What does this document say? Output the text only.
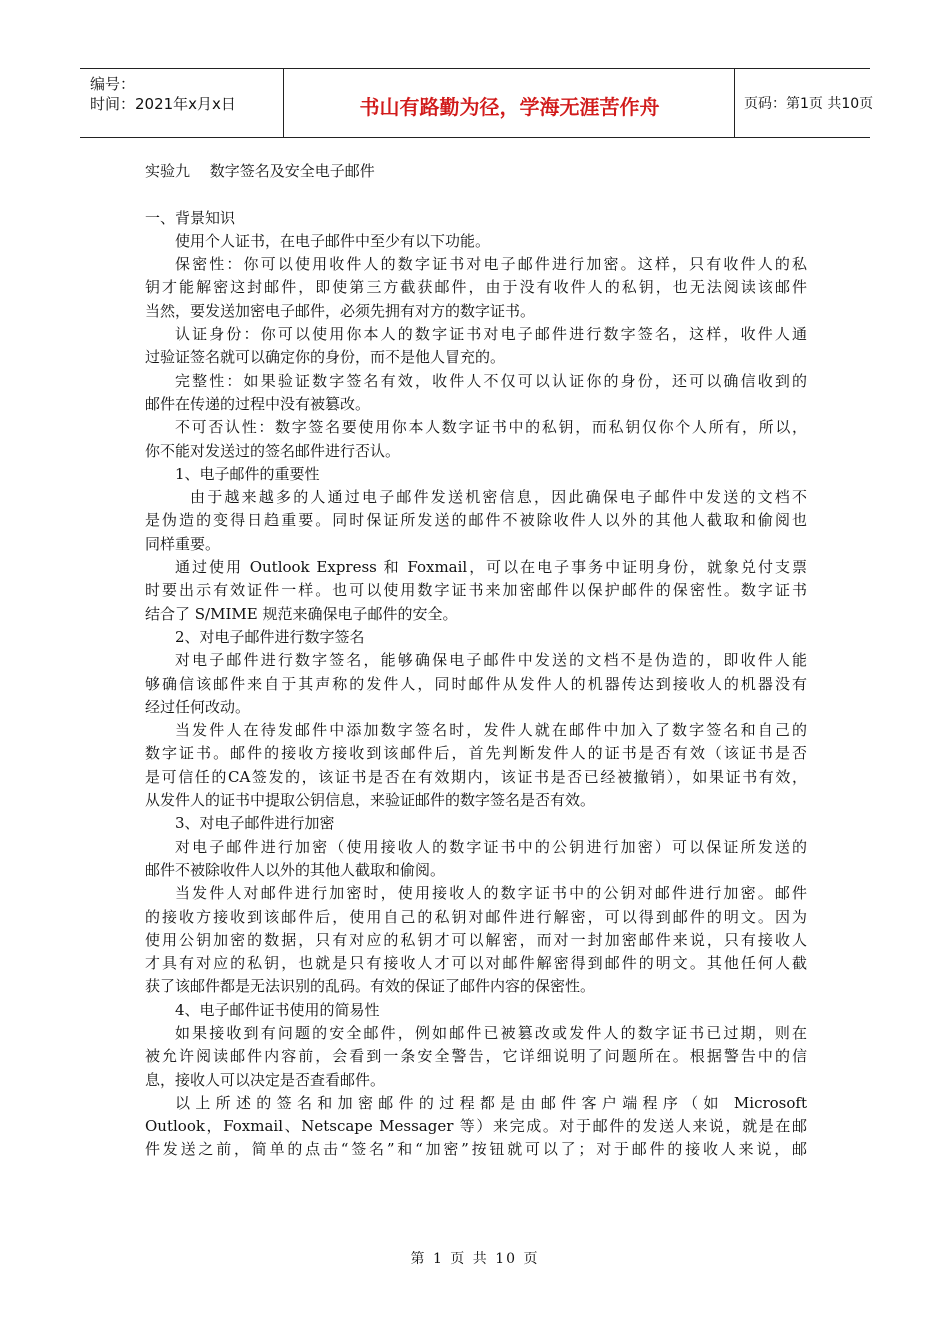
编号：
时间：2021年x月x日	书山有路勤为径，学海无涯苦作舟	页码：第1页 共10页
实验九　 数字签名及安全电子邮件
一、背景知识
使用个人证书，在电子邮件中至少有以下功能。
保密性：你可以使用收件人的数字证书对电子邮件进行加密。这样，只有收件人的私
钥才能解密这封邮件，即使第三方截获邮件，由于没有收件人的私钥，也无法阅读该邮件
当然，要发送加密电子邮件，必须先拥有对方的数字证书。
认证身份：你可以使用你本人的数字证书对电子邮件进行数字签名，这样，收件人通
过验证签名就可以确定你的身份，而不是他人冒充的。
完整性：如果验证数字签名有效，收件人不仅可以认证你的身份，还可以确信收到的
邮件在传递的过程中没有被篡改。
不可否认性：数字签名要使用你本人数字证书中的私钥，而私钥仅你个人所有，所以，
你不能对发送过的签名邮件进行否认。
1、电子邮件的重要性
由于越来越多的人通过电子邮件发送机密信息，因此确保电子邮件中发送的文档不
是伪造的变得日趋重要。同时保证所发送的邮件不被除收件人以外的其他人截取和偷阅也
同样重要。
通过使用 Outlook Express 和 Foxmail，可以在电子事务中证明身份，就象兑付支票
时要出示有效证件一样。也可以使用数字证书来加密邮件以保护邮件的保密性。数字证书
结合了 S/MIME 规范来确保电子邮件的安全。
2、对电子邮件进行数字签名
对电子邮件进行数字签名，能够确保电子邮件中发送的文档不是伪造的，即收件人能
够确信该邮件来自于其声称的发件人，同时邮件从发件人的机器传达到接收人的机器没有
经过任何改动。
当发件人在待发邮件中添加数字签名时，发件人就在邮件中加入了数字签名和自己的
数字证书。邮件的接收方接收到该邮件后，首先判断发件人的证书是否有效（该证书是否
是可信任的CA签发的，该证书是否在有效期内，该证书是否已经被撤销），如果证书有效，
从发件人的证书中提取公钥信息，来验证邮件的数字签名是否有效。
3、对电子邮件进行加密
对电子邮件进行加密（使用接收人的数字证书中的公钥进行加密）可以保证所发送的
邮件不被除收件人以外的其他人截取和偷阅。
当发件人对邮件进行加密时，使用接收人的数字证书中的公钥对邮件进行加密。邮件
的接收方接收到该邮件后，使用自己的私钥对邮件进行解密，可以得到邮件的明文。因为
使用公钥加密的数据，只有对应的私钥才可以解密，而对一封加密邮件来说，只有接收人
才具有对应的私钥，也就是只有接收人才可以对邮件解密得到邮件的明文。其他任何人截
获了该邮件都是无法识别的乱码。有效的保证了邮件内容的保密性。
4、电子邮件证书使用的简易性
如果接收到有问题的安全邮件，例如邮件已被篡改或发件人的数字证书已过期，则在
被允许阅读邮件内容前，会看到一条安全警告，它详细说明了问题所在。根据警告中的信
息，接收人可以决定是否查看邮件。
以上所述的签名和加密邮件的过程都是由邮件客户端程序（如 Microsoft
Outlook，Foxmail、Netscape Messager 等）来完成。对于邮件的发送人来说，就是在邮
件发送之前，简单的点击“签名”和“加密”按钮就可以了；对于邮件的接收人来说，邮
第 1 页 共 10 页
